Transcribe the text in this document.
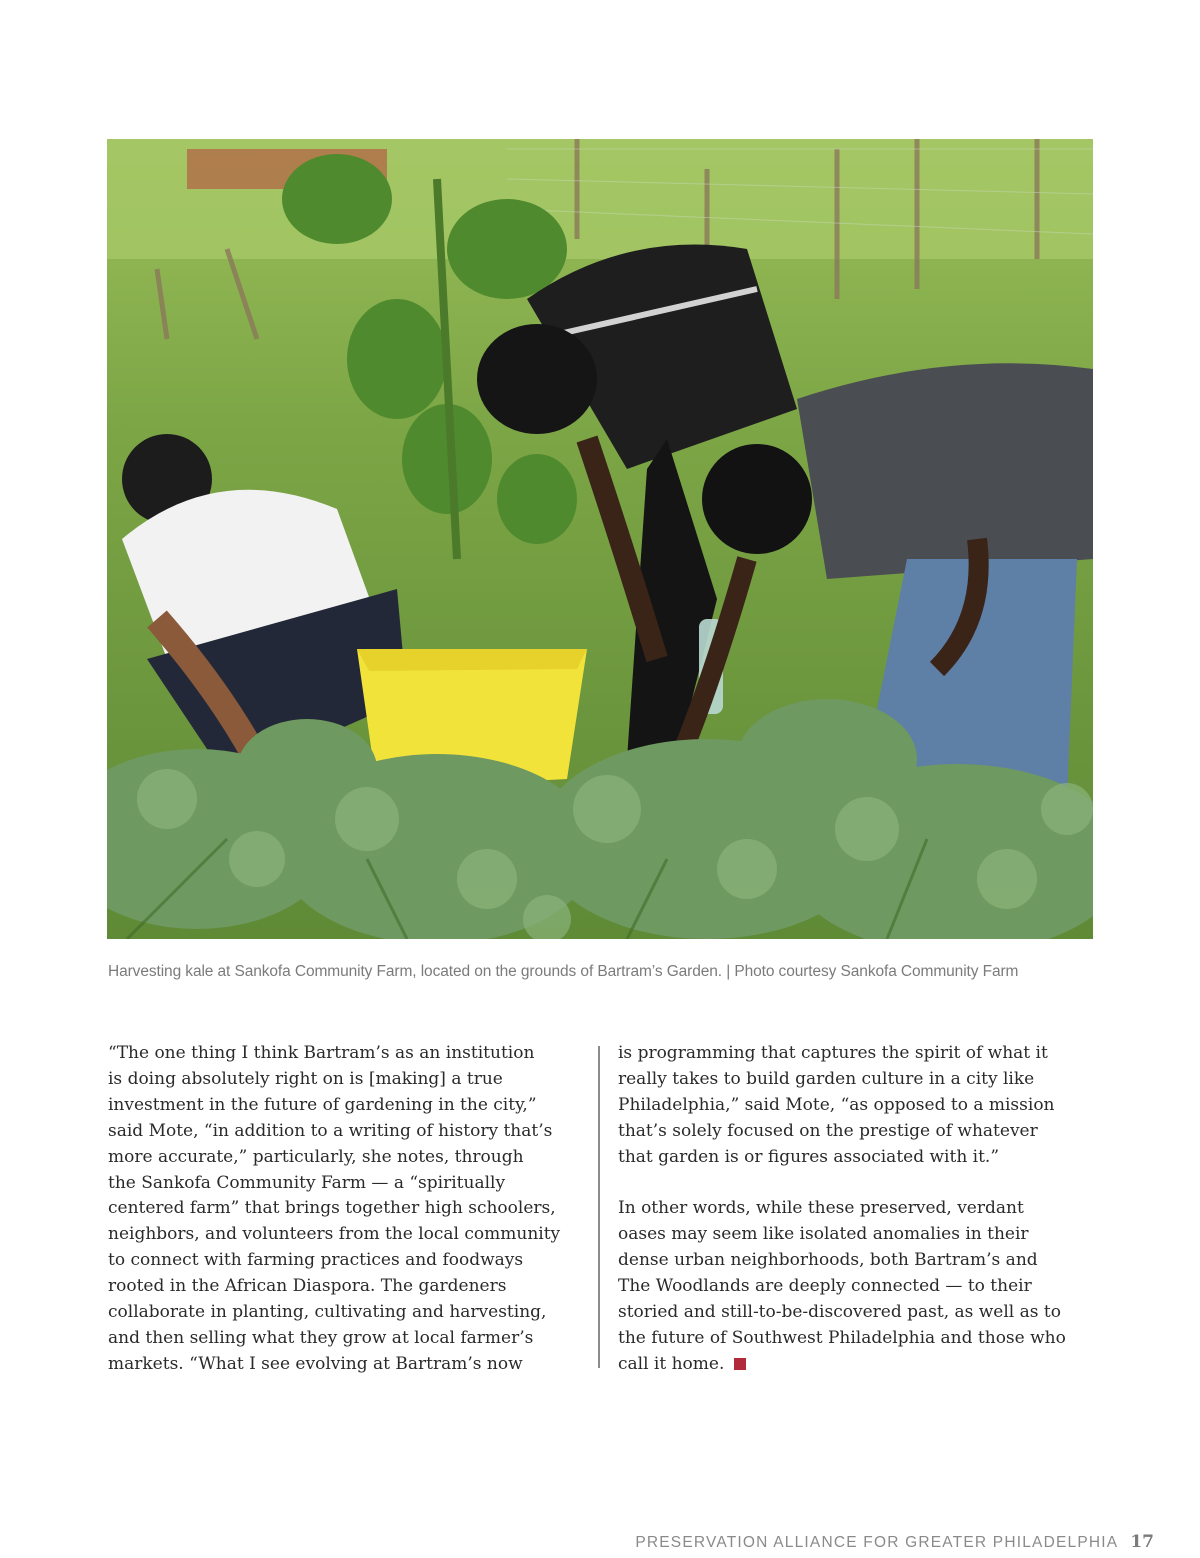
Harvesting kale at Sankofa Community Farm, located on the grounds of Bartram’s Garden. | Photo courtesy Sankofa Community Farm

“The one thing I think Bartram’s as an institution

is doing absolutely right on is [making] a true

investment in the future of gardening in the city,”

said Mote, “in addition to a writing of history that’s

more accurate,” particularly, she notes, through

the Sankofa Community Farm — a “spiritually

centered farm” that brings together high schoolers,

neighbors, and volunteers from the local community

to connect with farming practices and foodways

rooted in the African Diaspora. The gardeners

collaborate in planting, cultivating and harvesting,

and then selling what they grow at local farmer’s

markets. “What I see evolving at Bartram’s now

is programming that captures the spirit of what it

really takes to build garden culture in a city like

Philadelphia,” said Mote, “as opposed to a mission

that’s solely focused on the prestige of whatever

that garden is or figures associated with it.”

In other words, while these preserved, verdant

oases may seem like isolated anomalies in their

dense urban neighborhoods, both Bartram’s and

The Woodlands are deeply connected — to their

storied and still-to-be-discovered past, as well as to

the future of Southwest Philadelphia and those who

call it home.

PRESERVATION ALLIANCE FOR GREATER PHILADELPHIA 17
